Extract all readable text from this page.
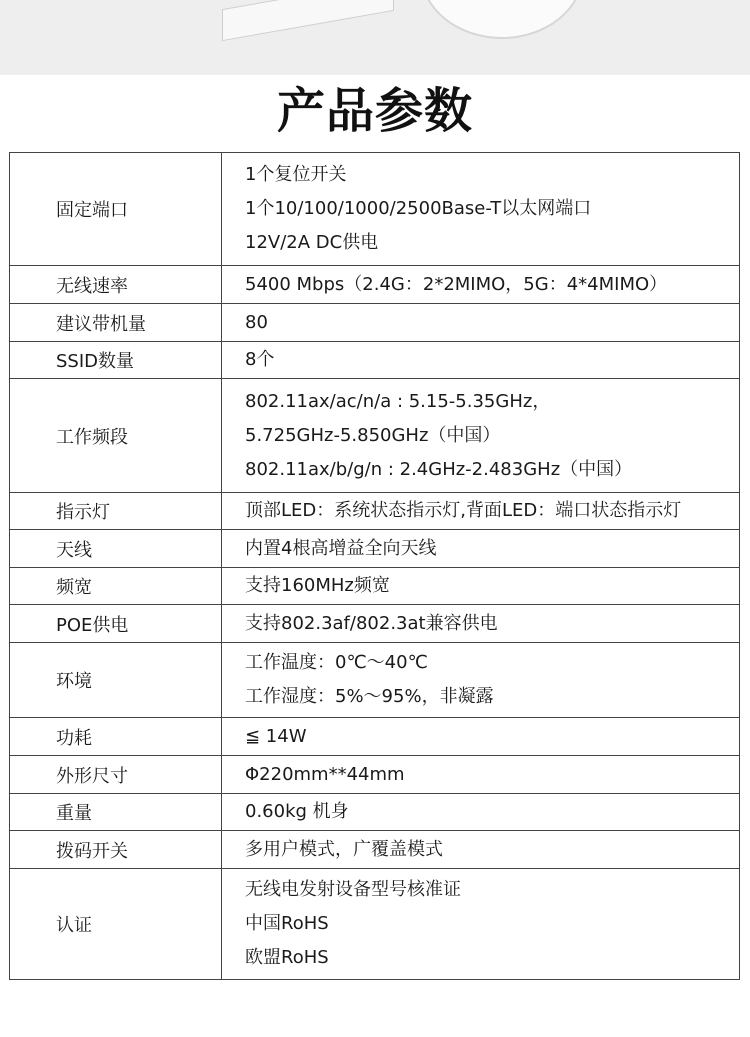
产品参数
固定端口	1个复位开关
1个10/100/1000/2500Base-T以太网端口
12V/2A DC供电

无线速率	5400 Mbps（2.4G：2*2MIMO，5G：4*4MIMO）

建议带机量	80

SSID数量	8个

工作频段	802.11ax/ac/n/a : 5.15-5.35GHz，
5.725GHz-5.850GHz（中国）
802.11ax/b/g/n : 2.4GHz-2.483GHz（中国）

指示灯	顶部LED：系统状态指示灯,背面LED：端口状态指示灯

天线	内置4根高增益全向天线

频宽	支持160MHz频宽

POE供电	支持802.3af/802.3at兼容供电

环境	工作温度：0℃～40℃
工作湿度：5%～95%，非凝露

功耗	≦ 14W

外形尺寸	Φ220mm**44mm

重量	0.60kg 机身

拨码开关	多用户模式，广覆盖模式

认证	无线电发射设备型号核准证
中国RoHS
欧盟RoHS
